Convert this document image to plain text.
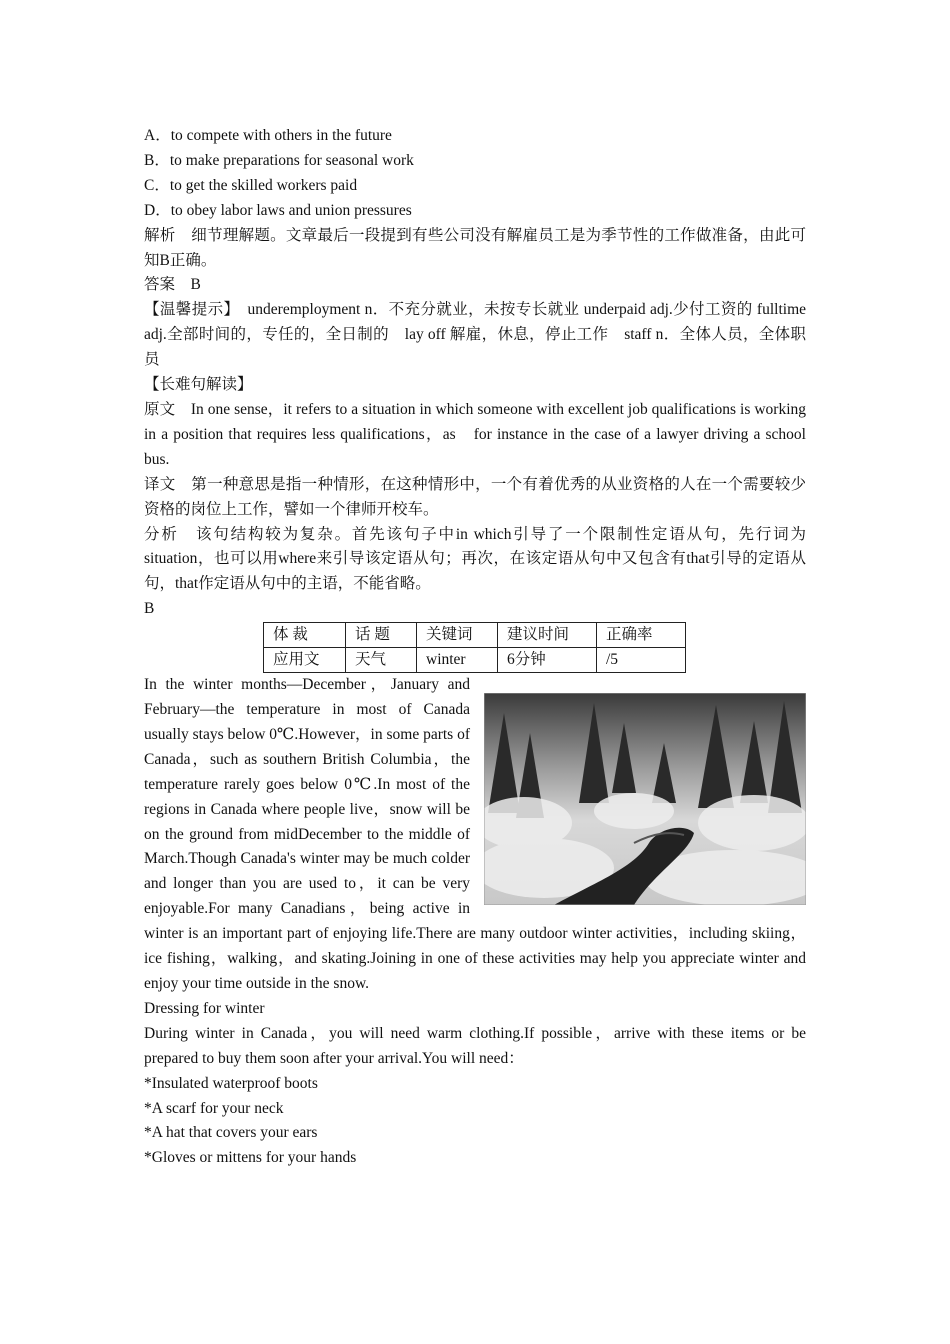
A．to compete with others in the future

B．to make preparations for seasonal work

C．to get the skilled workers paid

D．to obey labor laws and union pressures

解析　细节理解题。文章最后一段提到有些公司没有解雇员工是为季节性的工作做准备，由此可知B正确。

答案　B

【温馨提示】　underemployment n．不充分就业，未按专长就业 underpaid adj.少付工资的 fulltime adj.全部时间的，专任的，全日制的　lay off 解雇，休息，停止工作　staff n．全体人员，全体职员

【长难句解读】

原文　In one sense，it refers to a situation in which someone with excellent job qualifications is working in a position that requires less qualifications，as　for instance in the case of a lawyer driving a school bus.

译文　第一种意思是指一种情形，在这种情形中，一个有着优秀的从业资格的人在一个需要较少资格的岗位上工作，譬如一个律师开校车。

分析　该句结构较为复杂。首先该句子中in which引导了一个限制性定语从句，先行词为situation，也可以用where来引导该定语从句；再次，在该定语从句中又包含有that引导的定语从句，that作定语从句中的主语，不能省略。

B

体 裁	话 题	关键词	建议时间	正确率
应用文	天气	winter	6分钟	/5

In the winter months—December，January and February—the temperature in most of Canada usually stays below 0℃.However，in some parts of Canada，such as southern British Columbia，the temperature rarely goes below 0℃.In most of the regions in Canada where people live，snow will be on the ground from midDecember to the middle of March.Though Canada's winter may be much colder and longer than you are used to，it can be very enjoyable.For many Canadians，being active in winter is an important part of enjoying life.There are many outdoor winter activities，including skiing，ice fishing，walking，and skating.Joining in one of these activities may help you appreciate winter and enjoy your time outside in the snow.

Dressing for winter

During winter in Canada，you will need warm clothing.If possible，arrive with these items or be prepared to buy them soon after your arrival.You will need：

*Insulated waterproof boots

*A scarf for your neck

*A hat that covers your ears

*Gloves or mittens for your hands
